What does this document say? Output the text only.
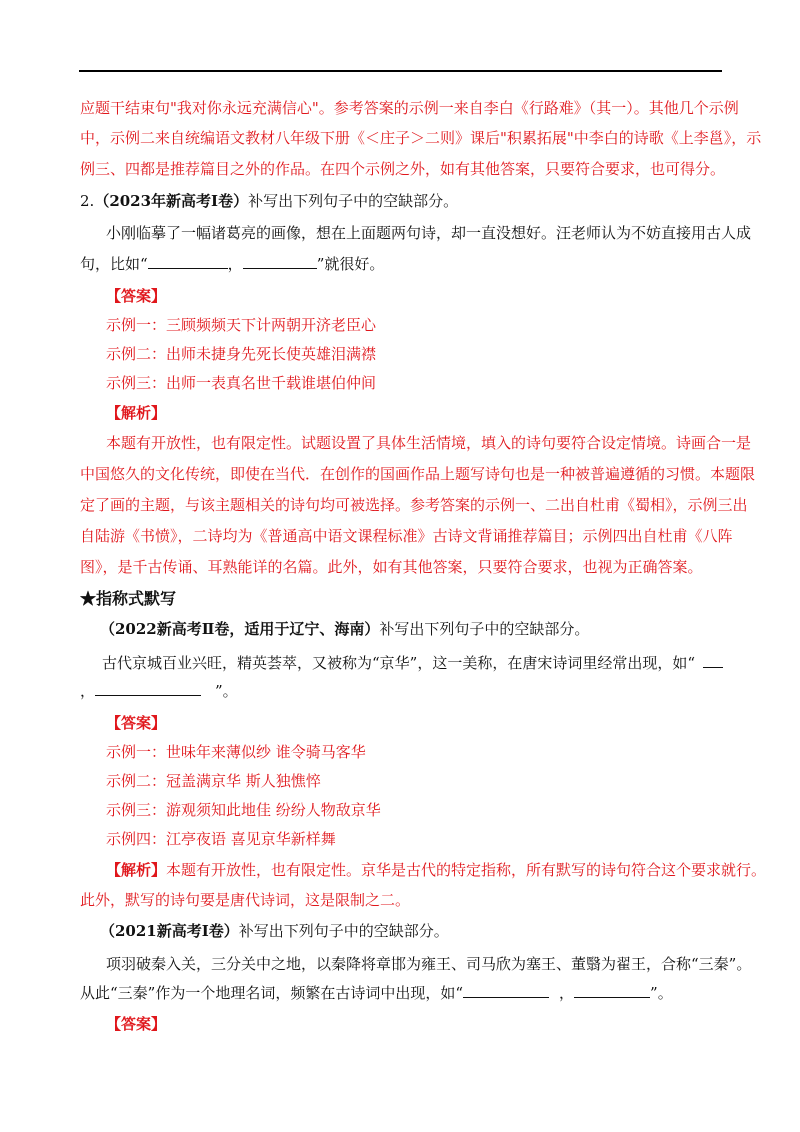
应题干结束句"我对你永远充满信心"。参考答案的示例一来自李白《行路难》（其一）。其他几个示例
中，示例二来自统编语文教材八年级下册《＜庄子＞二则》课后"积累拓展"中李白的诗歌《上李邕》，示
例三、四都是推荐篇目之外的作品。在四个示例之外，如有其他答案，只要符合要求，也可得分。
2.（2023年新高考Ⅰ卷）补写出下列句子中的空缺部分。
小刚临摹了一幅诸葛亮的画像，想在上面题两句诗，却一直没想好。汪老师认为不妨直接用古人成
句，比如“	，	”就很好。
【答案】
示例一：三顾频频天下计两朝开济老臣心
示例二：出师未捷身先死长使英雄泪满襟
示例三：出师一表真名世千载谁堪伯仲间
【解析】
本题有开放性，也有限定性。试题设置了具体生活情境，填入的诗句要符合设定情境。诗画合一是
中国悠久的文化传统，即使在当代．在创作的国画作品上题写诗句也是一种被普遍遵循的习惯。本题限
定了画的主题，与该主题相关的诗句均可被选择。参考答案的示例一、二出自杜甫《蜀相》，示例三出
自陆游《书愤》，二诗均为《普通高中语文课程标准》古诗文背诵推荐篇目；示例四出自杜甫《八阵
图》，是千古传诵、耳熟能详的名篇。此外，如有其他答案，只要符合要求，也视为正确答案。
★指称式默写
（2022新高考Ⅱ卷，适用于辽宁、海南）补写出下列句子中的空缺部分。
古代京城百业兴旺，精英荟萃，又被称为“京华”，这一美称，在唐宋诗词里经常出现，如“
，	”。
【答案】
示例一：世味年来薄似纱 谁令骑马客华
示例二：冠盖满京华 斯人独憔悴
示例三：游观须知此地佳 纷纷人物敌京华
示例四：江亭夜语 喜见京华新样舞
【解析】本题有开放性，也有限定性。京华是古代的特定指称，所有默写的诗句符合这个要求就行。
此外，默写的诗句要是唐代诗词，这是限制之二。
（2021新高考Ⅰ卷）补写出下列句子中的空缺部分。
项羽破秦入关，三分关中之地，以秦降将章邯为雍王、司马欣为塞王、董翳为翟王，合称“三秦”。
从此“三秦”作为一个地理名词，频繁在古诗词中出现，如“	，	”。
【答案】
